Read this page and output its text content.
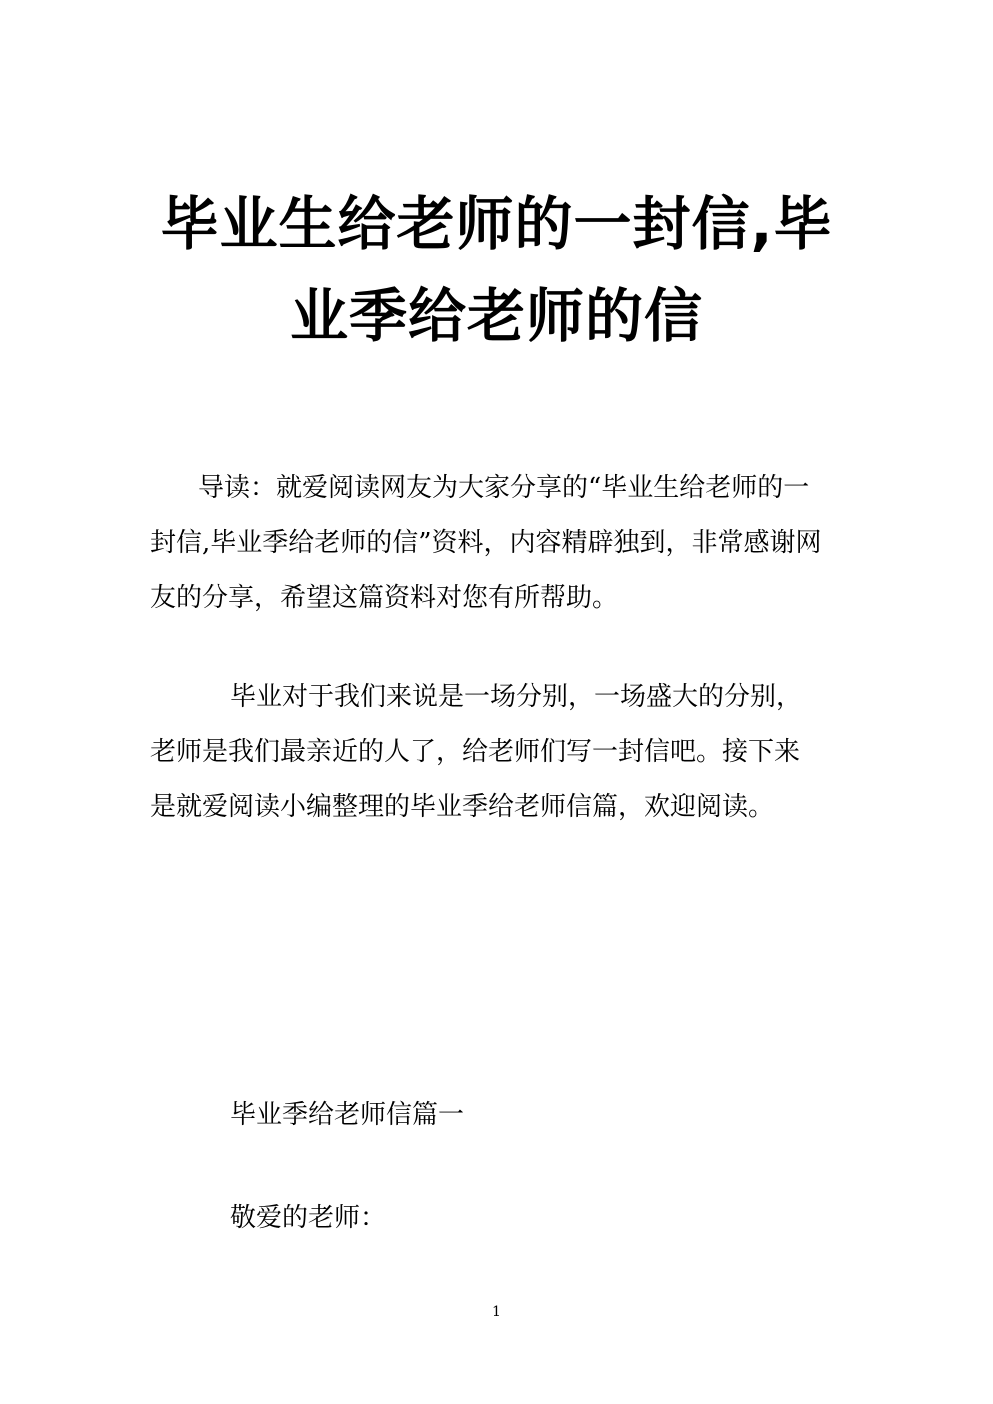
毕业生给老师的一封信,毕
业季给老师的信

导读：就爱阅读网友为大家分享的“毕业生给老师的一
封信,毕业季给老师的信”资料，内容精辟独到，非常感谢网
友的分享，希望这篇资料对您有所帮助。

毕业对于我们来说是一场分别，一场盛大的分别，
老师是我们最亲近的人了，给老师们写一封信吧。接下来
是就爱阅读小编整理的毕业季给老师信篇，欢迎阅读。

毕业季给老师信篇一

敬爱的老师：

1
